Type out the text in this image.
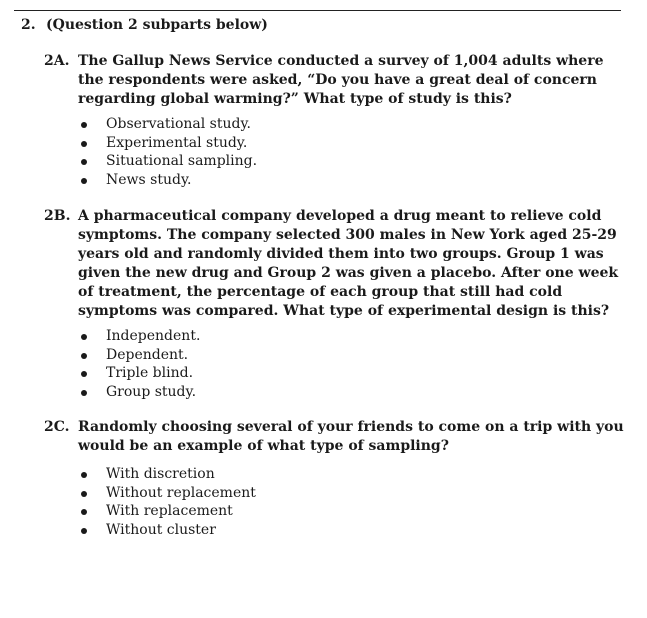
2. (Question 2 subparts below)
2A. The Gallup News Service conducted a survey of 1,004 adults where the respondents were asked, “Do you have a great deal of concern regarding global warming?” What type of study is this?
Observational study.
Experimental study.
Situational sampling.
News study.
2B. A pharmaceutical company developed a drug meant to relieve cold symptoms. The company selected 300 males in New York aged 25-29 years old and randomly divided them into two groups. Group 1 was given the new drug and Group 2 was given a placebo. After one week of treatment, the percentage of each group that still had cold symptoms was compared. What type of experimental design is this?
Independent.
Dependent.
Triple blind.
Group study.
2C. Randomly choosing several of your friends to come on a trip with you would be an example of what type of sampling?
With discretion
Without replacement
With replacement
Without cluster
